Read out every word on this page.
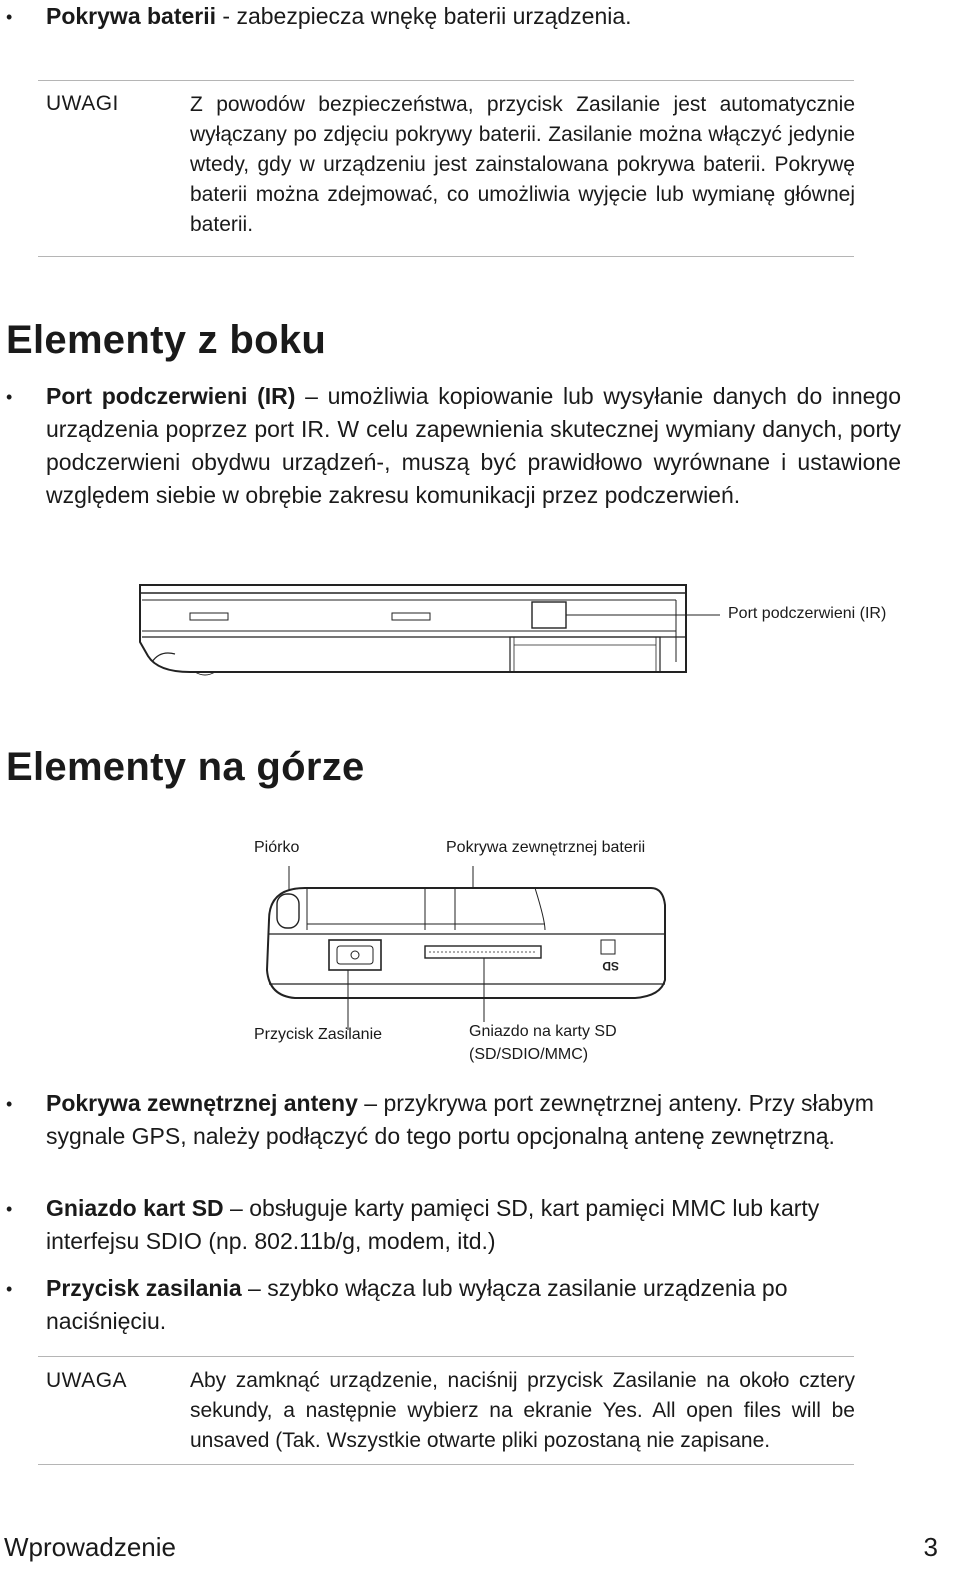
• Pokrywa baterii - zabezpiecza wnękę baterii urządzenia.
UWAGI	Z powodów bezpieczeństwa, przycisk Zasilanie jest automatycznie wyłączany po zdjęciu pokrywy baterii. Zasilanie można włączyć jedynie wtedy, gdy w urządzeniu jest zainstalowana pokrywa baterii. Pokrywę baterii można zdejmować, co umożliwia wyjęcie lub wymianę głównej baterii.
Elementy z boku
• Port podczerwieni (IR) – umożliwia kopiowanie lub wysyłanie danych do innego urządzenia poprzez port IR. W celu zapewnienia skutecznej wymiany danych, porty podczerwieni obydwu urządzeń-, muszą być prawidłowo wyrównane i ustawione względem siebie w obrębie zakresu komunikacji przez podczerwień.
Port podczerwieni (IR)
Elementy na górze
Piórko	Pokrywa zewnętrznej baterii
SD
Przycisk Zasilanie	Gniazdo na karty SD
(SD/SDIO/MMC)
• Pokrywa zewnętrznej anteny – przykrywa port zewnętrznej anteny. Przy słabym sygnale GPS, należy podłączyć do tego portu opcjonalną antenę zewnętrzną.
• Gniazdo kart SD – obsługuje karty pamięci SD, kart pamięci MMC lub karty interfejsu SDIO (np. 802.11b/g, modem, itd.)
• Przycisk zasilania – szybko włącza lub wyłącza zasilanie urządzenia po naciśnięciu.
UWAGA	Aby zamknąć urządzenie, naciśnij przycisk Zasilanie na około cztery sekundy, a następnie wybierz na ekranie Yes. All open files will be unsaved (Tak. Wszystkie otwarte pliki pozostaną nie zapisane.
Wprowadzenie	3
